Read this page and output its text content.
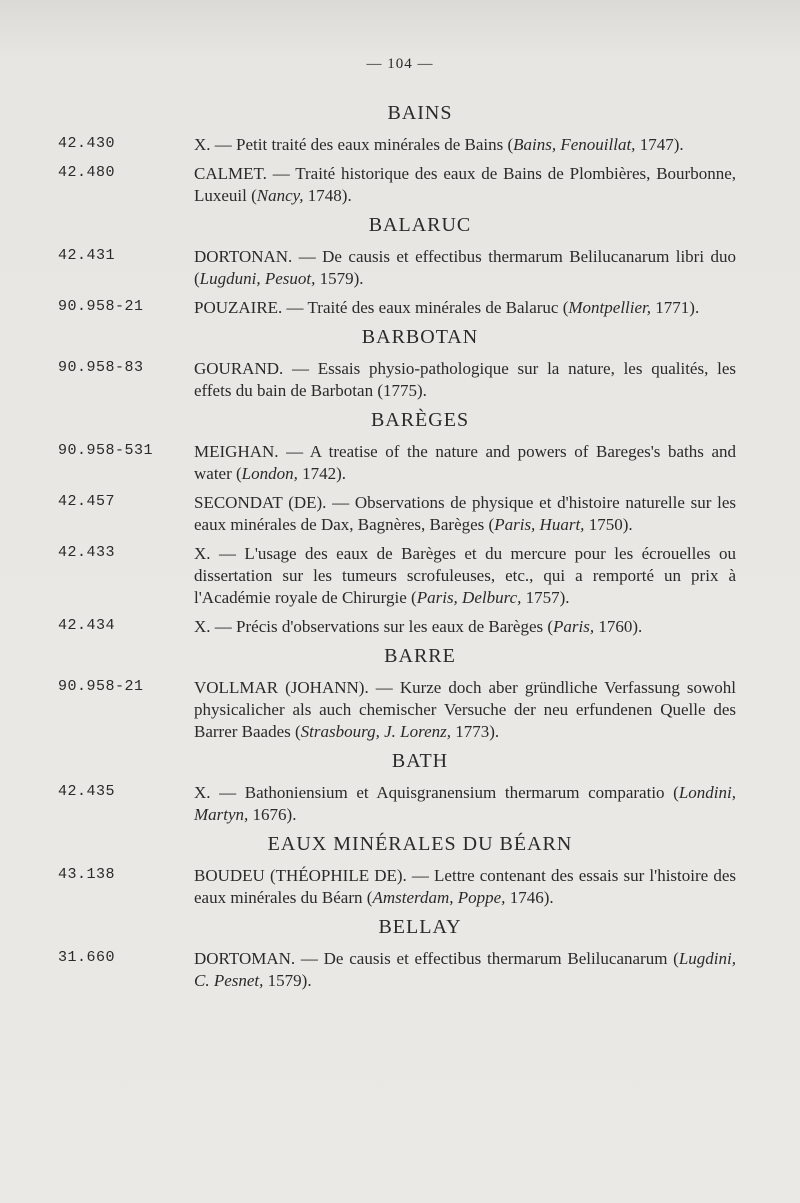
— 104 —
BAINS
42.430	X. — Petit traité des eaux minérales de Bains (Bains, Fenouillat, 1747).
42.480	CALMET. — Traité historique des eaux de Bains de Plombières, Bourbonne, Luxeuil (Nancy, 1748).
BALARUC
42.431	DORTONAN. — De causis et effectibus thermarum Belilucanarum libri duo (Lugduni, Pesuot, 1579).
90.958-21	POUZAIRE. — Traité des eaux minérales de Balaruc (Montpellier, 1771).
BARBOTAN
90.958-83	GOURAND. — Essais physio-pathologique sur la nature, les qualités, les effets du bain de Barbotan (1775).
BARÈGES
90.958-531 MEIGHAN. — A treatise of the nature and powers of Bareges's baths and water (London, 1742).
42.457	SECONDAT (DE). — Observations de physique et d'histoire naturelle sur les eaux minérales de Dax, Bagnères, Barèges (Paris, Huart, 1750).
42.433	X. — L'usage des eaux de Barèges et du mercure pour les écrouelles ou dissertation sur les tumeurs scrofuleuses, etc., qui a remporté un prix à l'Académie royale de Chirurgie (Paris, Delburc, 1757).
42.434	X. — Précis d'observations sur les eaux de Barèges (Paris, 1760).
BARRE
90.958-21	VOLLMAR (JOHANN). — Kurze doch aber gründliche Verfassung sowohl physicalicher als auch chemischer Versuche der neu erfundenen Quelle des Barrer Baades (Strasbourg, J. Lorenz, 1773).
BATH
42.435	X. — Bathoniensium et Aquisgranensium thermarum comparatio (Londini, Martyn, 1676).
EAUX MINÉRALES DU BÉARN
43.138	BOUDEU (THÉOPHILE DE). — Lettre contenant des essais sur l'histoire des eaux minérales du Béarn (Amsterdam, Poppe, 1746).
BELLAY
31.660	DORTOMAN. — De causis et effectibus thermarum Belilucanarum (Lugdini, C. Pesnet, 1579).
